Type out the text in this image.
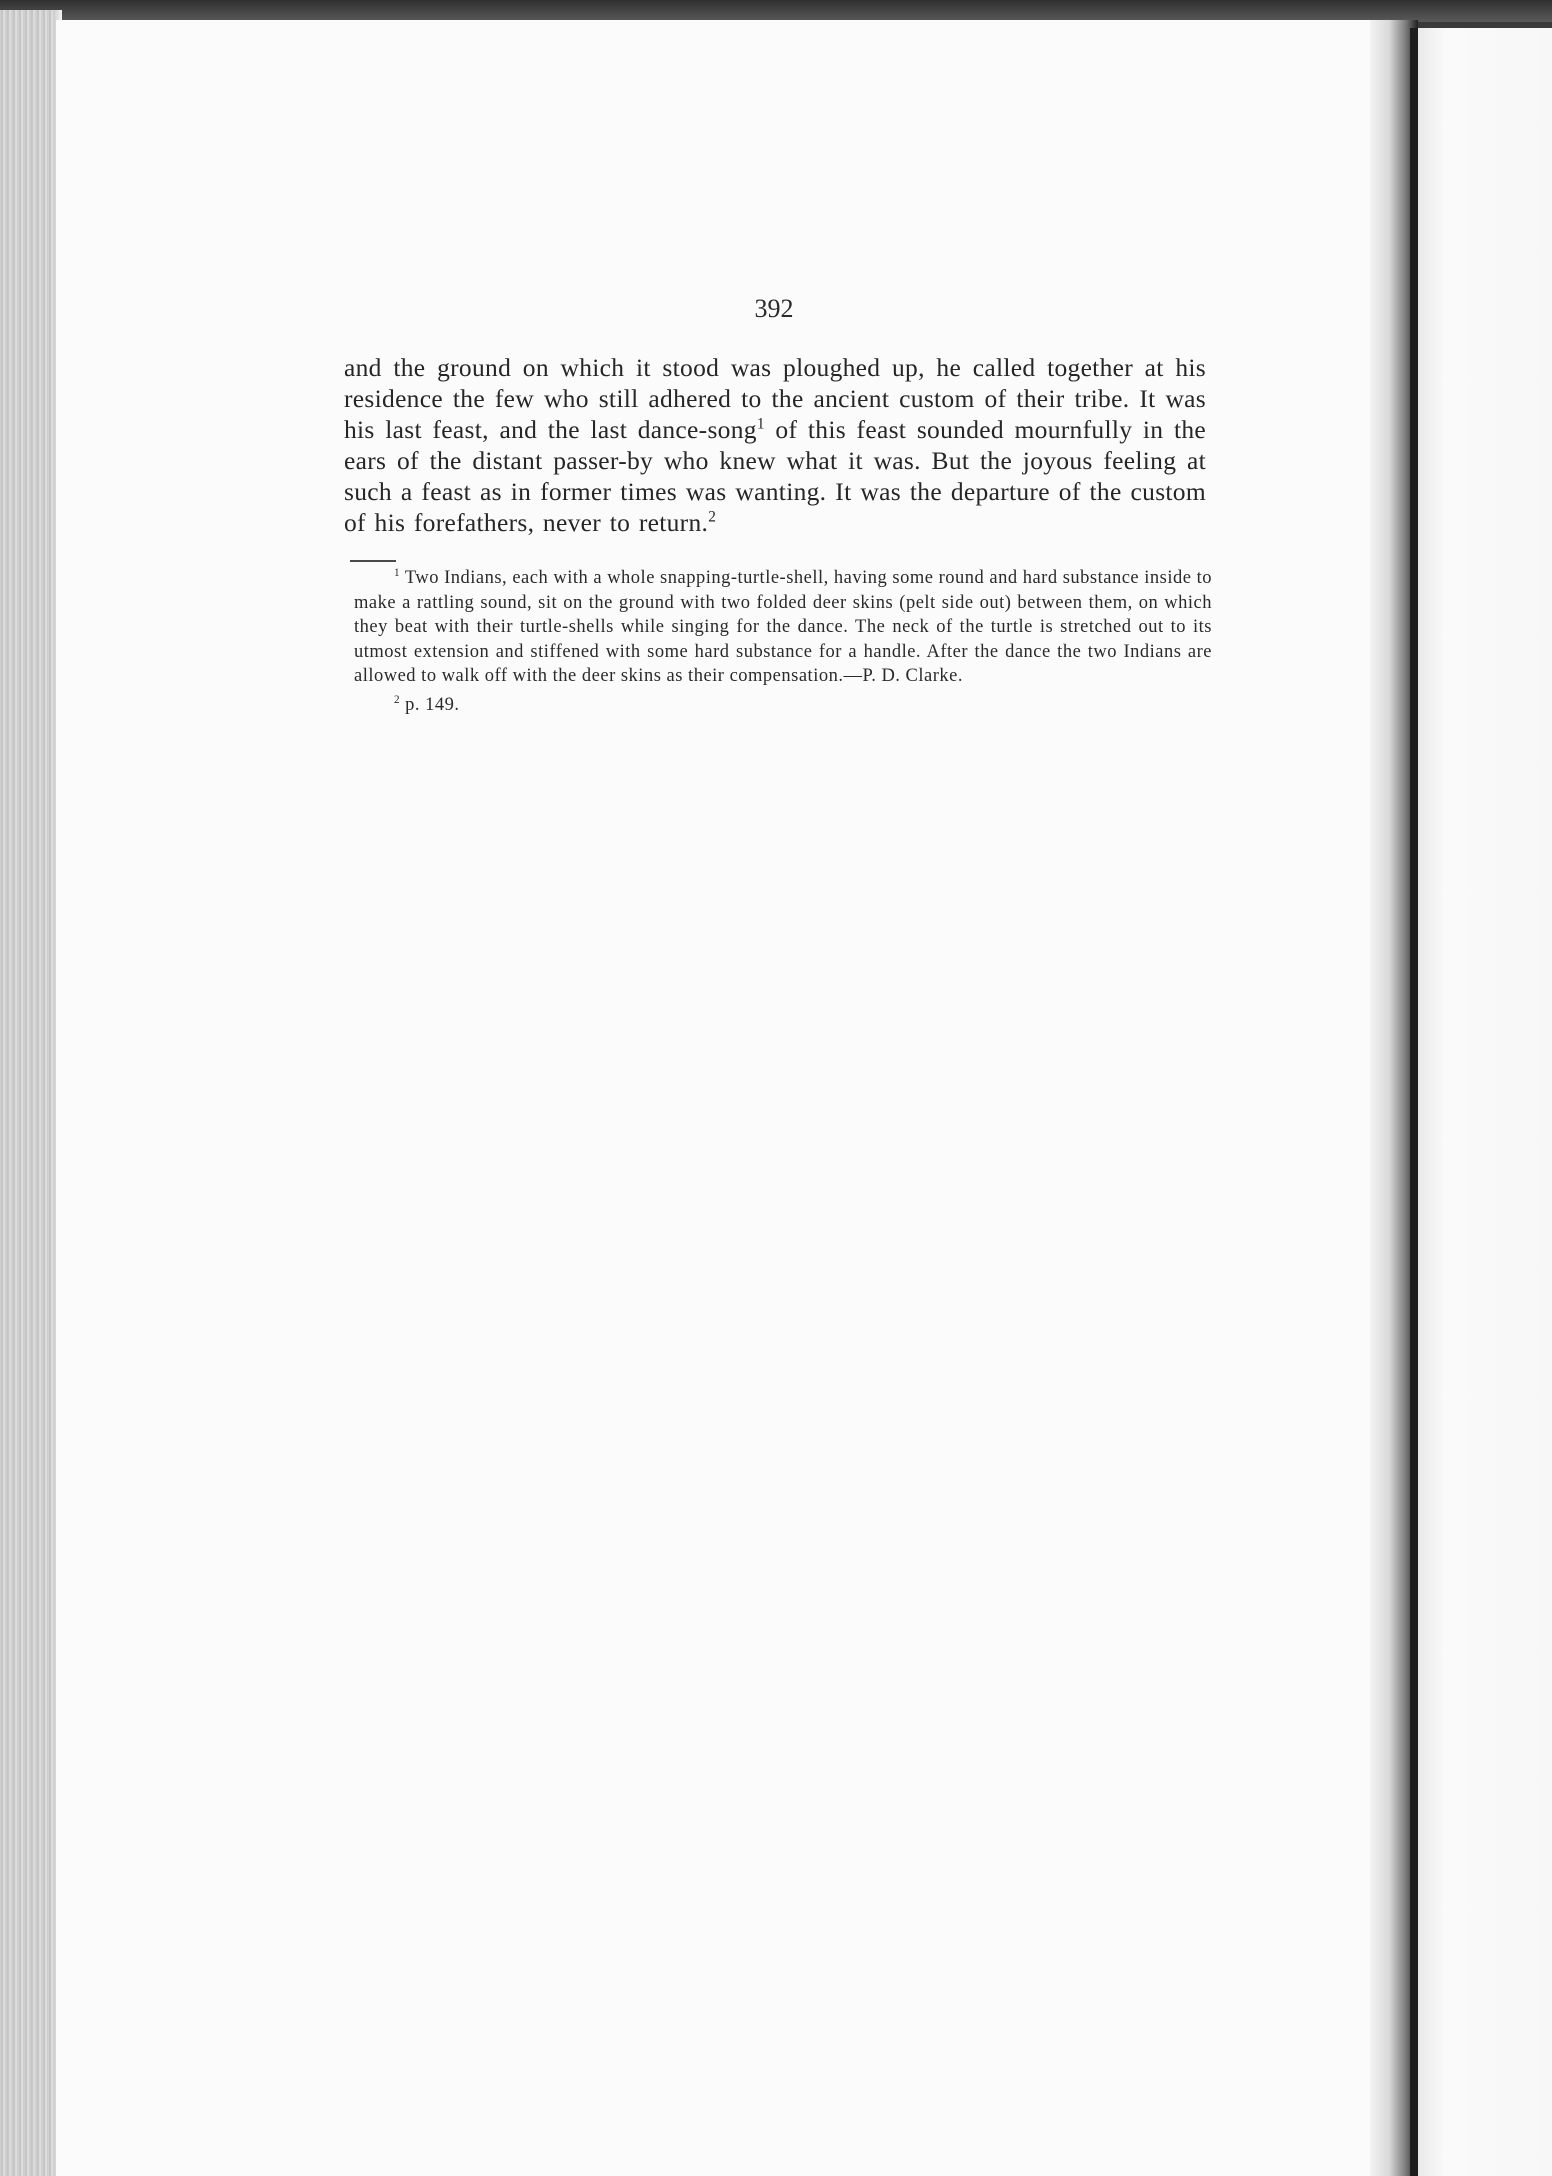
392

and the ground on which it stood was ploughed up, he called together at his residence the few who still adhered to the ancient custom of their tribe. It was his last feast, and the last dance-song$^1$ of this feast sounded mournfully in the ears of the distant passer-by who knew what it was. But the joyous feeling at such a feast as in former times was wanting. It was the departure of the custom of his forefathers, never to return.$^2$

$^1$ Two Indians, each with a whole snapping-turtle-shell, having some round and hard substance inside to make a rattling sound, sit on the ground with two folded deer skins (pelt side out) between them, on which they beat with their turtle-shells while singing for the dance. The neck of the turtle is stretched out to its utmost extension and stiffened with some hard substance for a handle. After the dance the two Indians are allowed to walk off with the deer skins as their compensation.—P. D. Clarke.

$^2$ p. 149.
